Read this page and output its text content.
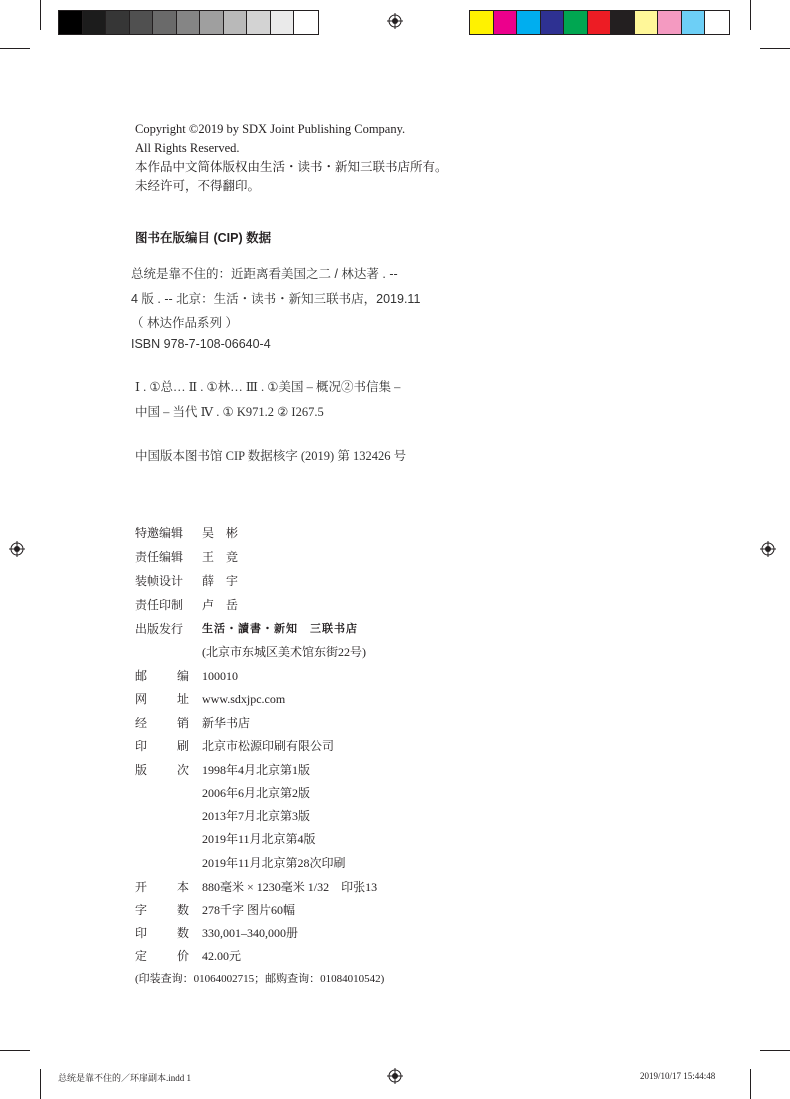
Copyright ©2019 by SDX Joint Publishing Company.
All Rights Reserved.
本作品中文简体版权由生活・读书・新知三联书店所有。
未经许可，不得翻印。
图书在版编目 (CIP) 数据
总统是靠不住的：近距离看美国之二 / 林达著 . --
4 版 . -- 北京：生活・读书・新知三联书店，2019.11
（ 林达作品系列 ）
ISBN 978-7-108-06640-4
Ⅰ . ①总… Ⅱ . ①林… Ⅲ . ①美国 – 概况②书信集 –
中国 – 当代 Ⅳ . ① K971.2 ② I267.5
中国版本图书馆 CIP 数据核字 (2019) 第 132426 号
特邀编辑	吴　彬
责任编辑	王　竞
装帧设计	薛　宇
责任印制	卢　岳
出版发行	生活・讀書・新知　三联书店
(北京市东城区美术馆东街22号)
邮 编 100010
网 址 www.sdxjpc.com
经 销 新华书店
印 刷 北京市松源印刷有限公司
版 次 1998年4月北京第1版
2006年6月北京第2版
2013年7月北京第3版
2019年11月北京第4版
2019年11月北京第28次印刷
开 本 880毫米 × 1230毫米 1/32　印张13
字 数 278千字 图片60幅
印 数 330,001–340,000册
定 价 42.00元
(印装查询：01064002715；邮购查询：01084010542)
总统是靠不住的／环扉副本.indd 1	2019/10/17 15:44:48
